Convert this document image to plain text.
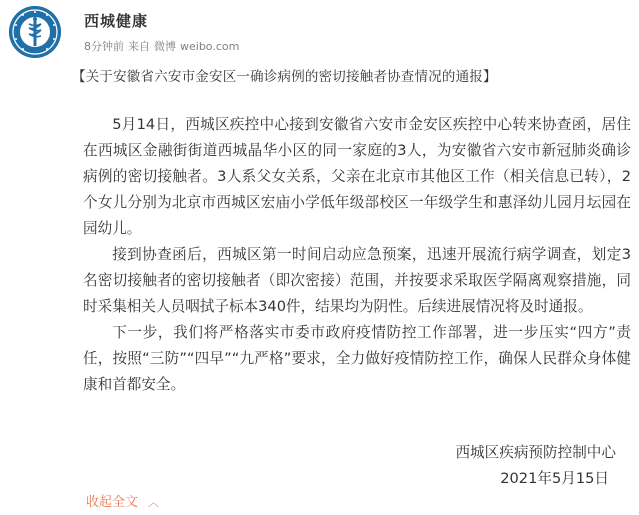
西城健康
8分钟前 来自 微博 weibo.com
【关于安徽省六安市金安区一确诊病例的密切接触者协查情况的通报】

5月14日，西城区疾控中心接到安徽省六安市金安区疾控中心转来协查函，居住在西城区金融街街道西城晶华小区的同一家庭的3人，为安徽省六安市新冠肺炎确诊病例的密切接触者。3人系父女关系，父亲在北京市其他区工作（相关信息已转），2个女儿分别为北京市西城区宏庙小学低年级部校区一年级学生和惠泽幼儿园月坛园在园幼儿。

接到协查函后，西城区第一时间启动应急预案，迅速开展流行病学调查，划定3名密切接触者的密切接触者（即次密接）范围，并按要求采取医学隔离观察措施，同时采集相关人员咽拭子标本340件，结果均为阴性。后续进展情况将及时通报。

下一步，我们将严格落实市委市政府疫情防控工作部署，进一步压实“四方”责任，按照“三防”“四早”“九严格”要求，全力做好疫情防控工作，确保人民群众身体健康和首都安全。

西城区疾病预防控制中心
2021年5月15日
收起全文 ︿
